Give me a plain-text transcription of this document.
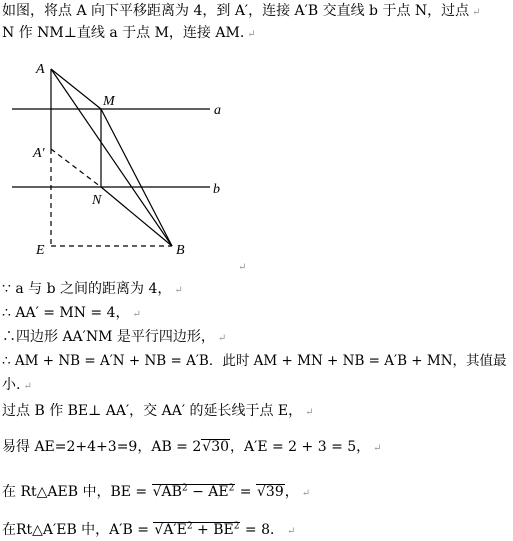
如图，将点 A 向下平移距离为 4，到 A′，连接 A′B 交直线 b 于点 N，过点 ↵
N 作 NM⊥直线 a 于点 M，连接 AM. ↵
A
M
a
A′
N
b
E	B
↵
∵ a 与 b 之间的距离为 4， ↵
∴ AA′ = MN = 4， ↵
∴四边形 AA′NM 是平行四边形， ↵
∴ AM + NB = A′N + NB = A′B．此时 AM + MN + NB = A′B + MN，其值最
小. ↵
过点 B 作 BE⊥ AA′，交 AA′ 的延长线于点 E， ↵
易得 AE=2+4+3=9，AB = 2√30，A′E = 2 + 3 = 5， ↵
在 Rt△AEB 中，BE = $√AB^2 - AE^2 = √39$， ↵
在Rt△A′EB 中，$A'B = √A'E^2 + BE^2 = 8$． ↵
